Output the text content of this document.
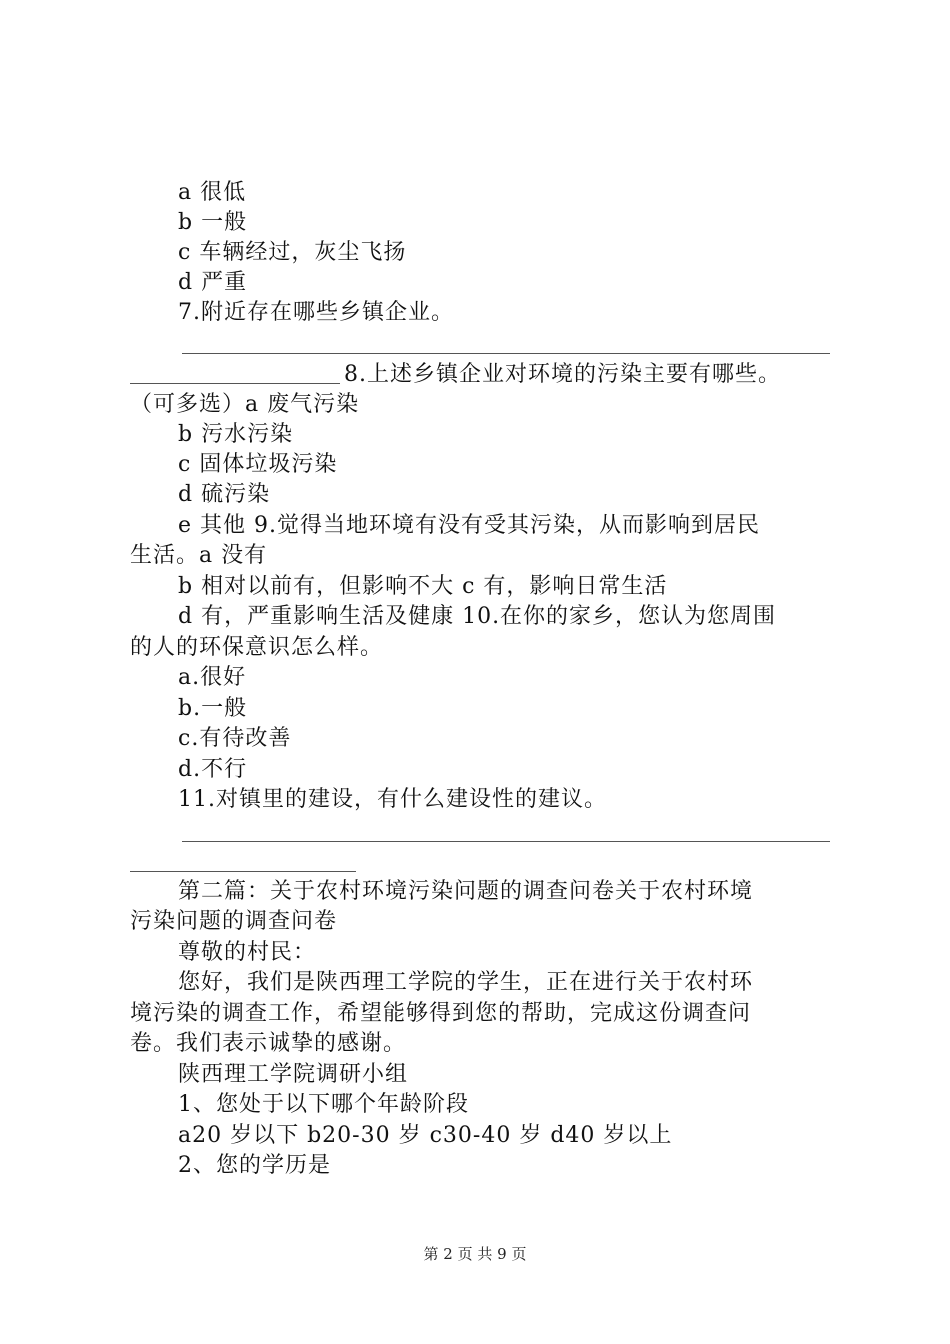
a 很低
b 一般
c 车辆经过，灰尘飞扬
d 严重
7.附近存在哪些乡镇企业。
8.上述乡镇企业对环境的污染主要有哪些。
（可多选）a 废气污染
b 污水污染
c 固体垃圾污染
d 硫污染
e 其他 9.觉得当地环境有没有受其污染，从而影响到居民
生活。a 没有
b 相对以前有，但影响不大 c 有，影响日常生活
d 有，严重影响生活及健康 10.在你的家乡，您认为您周围
的人的环保意识怎么样。
a.很好
b.一般
c.有待改善
d.不行
11.对镇里的建设，有什么建设性的建议。
第二篇：关于农村环境污染问题的调查问卷关于农村环境
污染问题的调查问卷
尊敬的村民：
您好，我们是陕西理工学院的学生，正在进行关于农村环
境污染的调查工作，希望能够得到您的帮助，完成这份调查问
卷。我们表示诚挚的感谢。
陕西理工学院调研小组
1、您处于以下哪个年龄阶段
a20 岁以下 b20-30 岁 c30-40 岁 d40 岁以上
2、您的学历是
第 2 页 共 9 页
